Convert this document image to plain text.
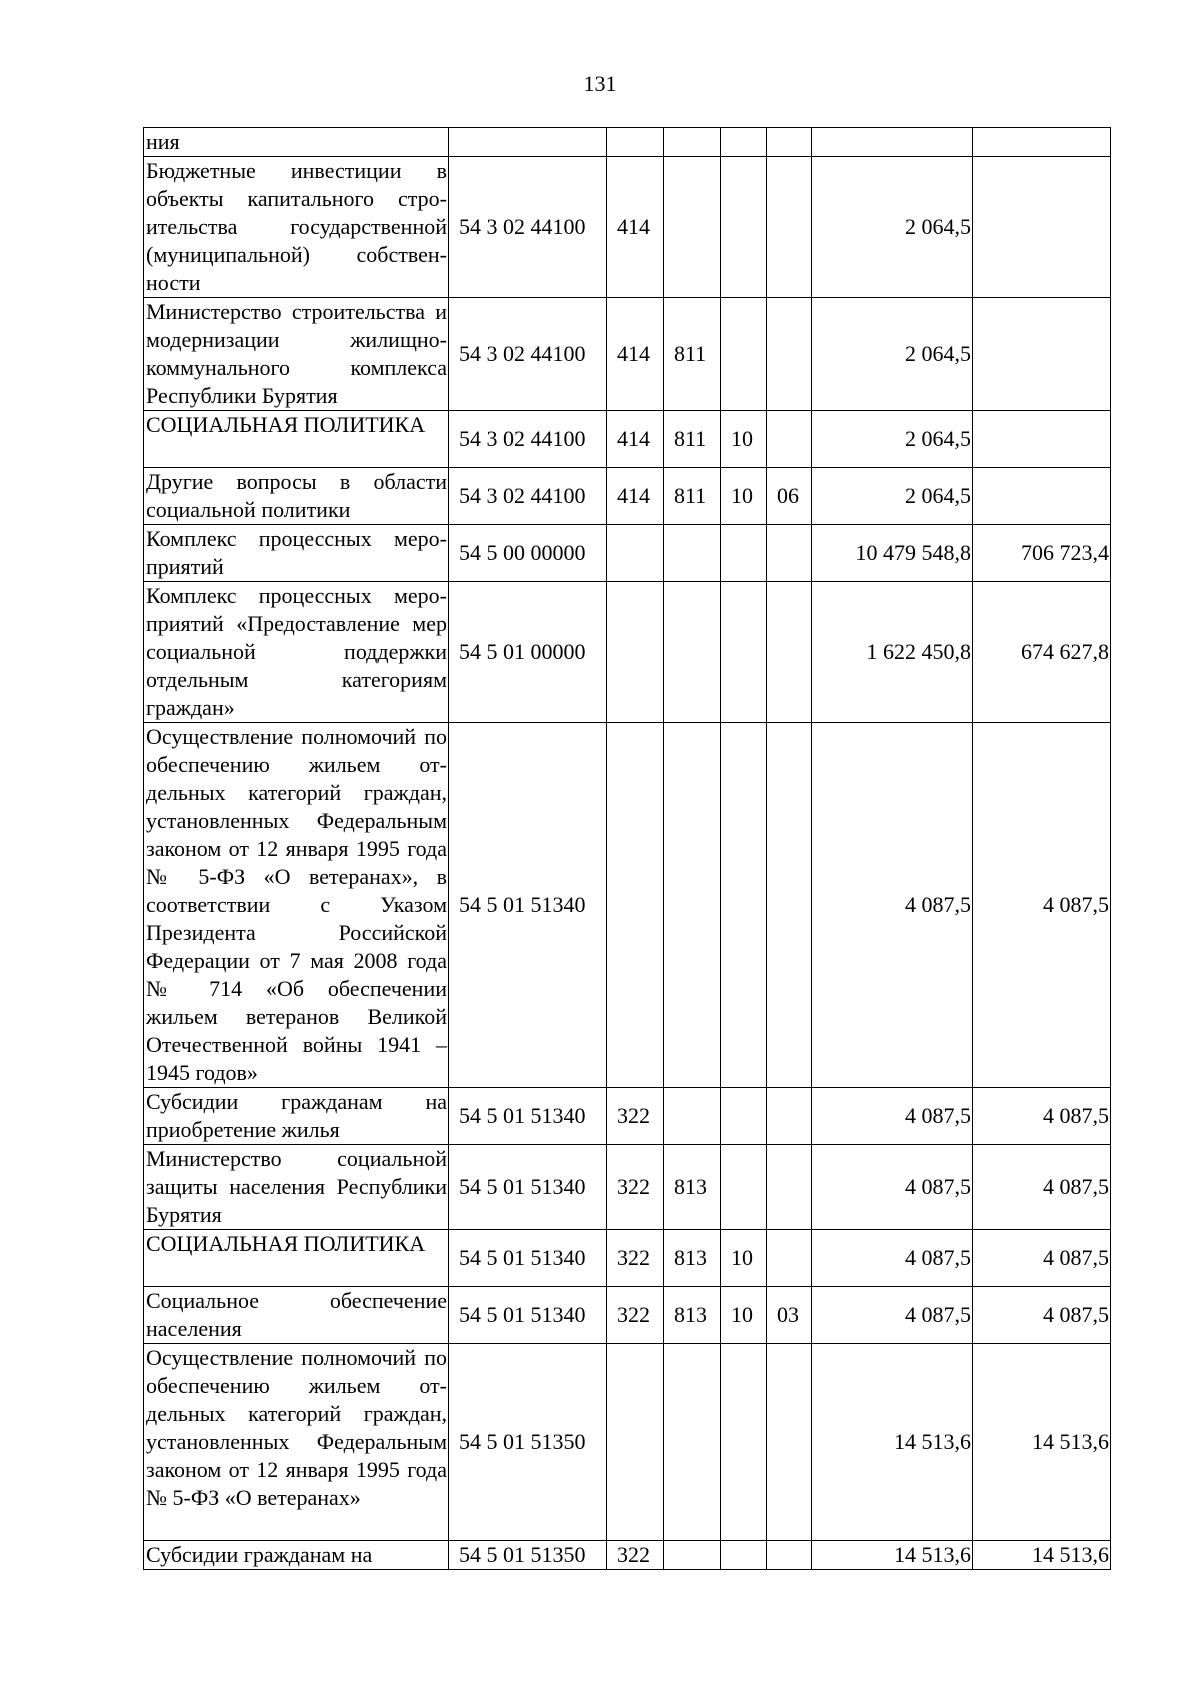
131
ния							
Бюджетные инвестиции в объекты капитального строительства государственной (муниципальной) собственности	54 3 02 44100	414				2 064,5	
Министерство строительства и модернизации жилищно-коммунального комплекса Республики Бурятия	54 3 02 44100	414	811			2 064,5	
СОЦИАЛЬНАЯ ПОЛИТИКА	54 3 02 44100	414	811	10		2 064,5	
Другие вопросы в области социальной политики	54 3 02 44100	414	811	10	06	2 064,5	
Комплекс процессных мероприятий	54 5 00 00000					10 479 548,8	706 723,4
Комплекс процессных мероприятий «Предоставление мер социальной поддержки отдельным категориям граждан»	54 5 01 00000					1 622 450,8	674 627,8
Осуществление полномочий по обеспечению жильем отдельных категорий граждан, установленных Федеральным законом от 12 января 1995 года № 5-ФЗ «О ветеранах», в соответствии с Указом Президента Российской Федерации от 7 мая 2008 года № 714 «Об обеспечении жильем ветеранов Великой Отечественной войны 1941 – 1945 годов»	54 5 01 51340					4 087,5	4 087,5
Субсидии гражданам на приобретение жилья	54 5 01 51340	322				4 087,5	4 087,5
Министерство социальной защиты населения Республики Бурятия	54 5 01 51340	322	813			4 087,5	4 087,5
СОЦИАЛЬНАЯ ПОЛИТИКА	54 5 01 51340	322	813	10		4 087,5	4 087,5
Социальное обеспечение населения	54 5 01 51340	322	813	10	03	4 087,5	4 087,5
Осуществление полномочий по обеспечению жильем отдельных категорий граждан, установленных Федеральным законом от 12 января 1995 года № 5-ФЗ «О ветеранах»	54 5 01 51350					14 513,6	14 513,6
Субсидии гражданам на	54 5 01 51350	322				14 513,6	14 513,6
